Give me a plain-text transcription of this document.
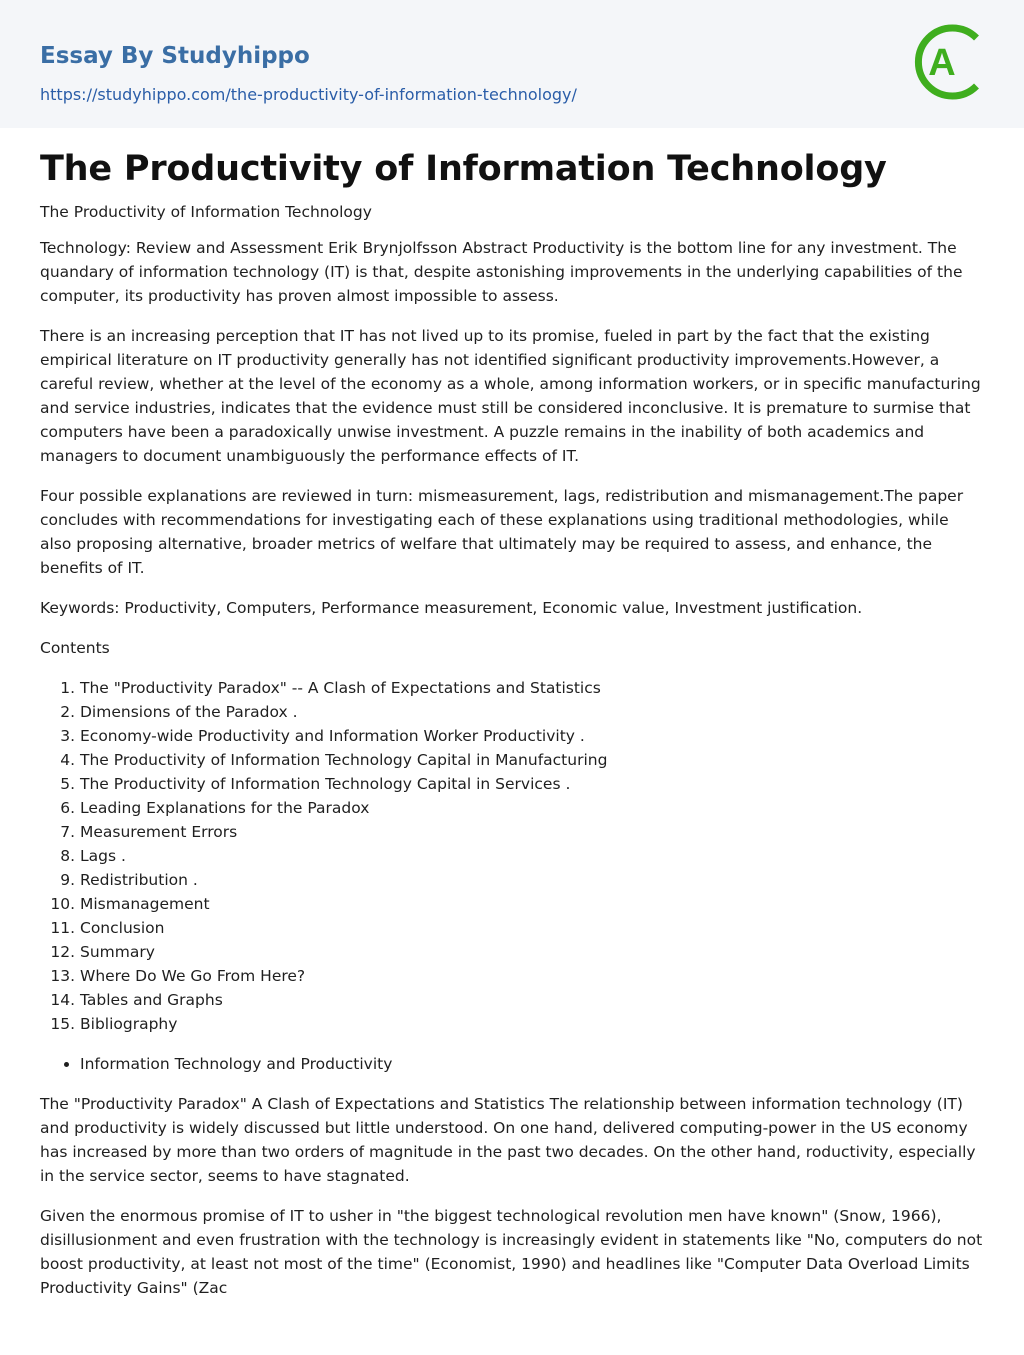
Essay By Studyhippo
https://studyhippo.com/the-productivity-of-information-technology/
A
The Productivity of Information Technology

The Productivity of Information Technology

Technology: Review and Assessment Erik Brynjolfsson Abstract Productivity is the bottom line for any investment. The quandary of information technology (IT) is that, despite astonishing improvements in the underlying capabilities of the computer, its productivity has proven almost impossible to assess.

There is an increasing perception that IT has not lived up to its promise, fueled in part by the fact that the existing empirical literature on IT productivity generally has not identified significant productivity improvements.However, a careful review, whether at the level of the economy as a whole, among information workers, or in specific manufacturing and service industries, indicates that the evidence must still be considered inconclusive. It is premature to surmise that computers have been a paradoxically unwise investment. A puzzle remains in the inability of both academics and managers to document unambiguously the performance effects of IT.

Four possible explanations are reviewed in turn: mismeasurement, lags, redistribution and mismanagement.The paper concludes with recommendations for investigating each of these explanations using traditional methodologies, while also proposing alternative, broader metrics of welfare that ultimately may be required to assess, and enhance, the benefits of IT.

Keywords: Productivity, Computers, Performance measurement, Economic value, Investment justification.

Contents

1. The "Productivity Paradox" -- A Clash of Expectations and Statistics
2. Dimensions of the Paradox .
3. Economy-wide Productivity and Information Worker Productivity .
4. The Productivity of Information Technology Capital in Manufacturing
5. The Productivity of Information Technology Capital in Services .
6. Leading Explanations for the Paradox
7. Measurement Errors
8. Lags .
9. Redistribution .
10. Mismanagement
11. Conclusion
12. Summary
13. Where Do We Go From Here?
14. Tables and Graphs
15. Bibliography
• Information Technology and Productivity

The "Productivity Paradox" A Clash of Expectations and Statistics The relationship between information technology (IT) and productivity is widely discussed but little understood. On one hand, delivered computing-power in the US economy has increased by more than two orders of magnitude in the past two decades. On the other hand, roductivity, especially in the service sector, seems to have stagnated.

Given the enormous promise of IT to usher in "the biggest technological revolution men have known" (Snow, 1966), disillusionment and even frustration with the technology is increasingly evident in statements like "No, computers do not boost productivity, at least not most of the time" (Economist, 1990) and headlines like "Computer Data Overload Limits Productivity Gains" (Zac
